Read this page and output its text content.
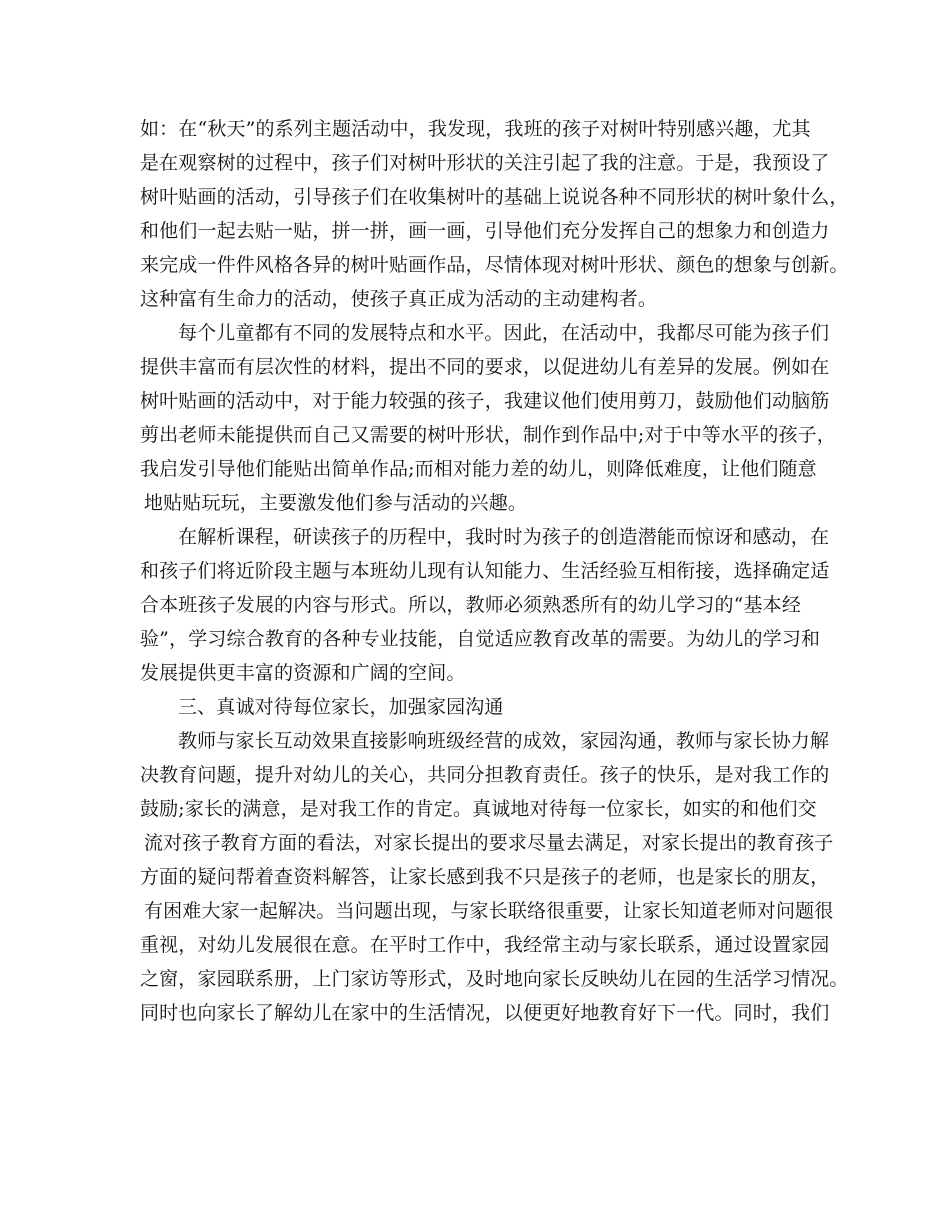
如：在“秋天”的系列主题活动中，我发现，我班的孩子对树叶特别感兴趣，尤其
是在观察树的过程中，孩子们对树叶形状的关注引起了我的注意。于是，我预设了
树叶贴画的活动，引导孩子们在收集树叶的基础上说说各种不同形状的树叶象什么，
和他们一起去贴一贴，拼一拼，画一画，引导他们充分发挥自己的想象力和创造力
来完成一件件风格各异的树叶贴画作品，尽情体现对树叶形状、颜色的想象与创新。
这种富有生命力的活动，使孩子真正成为活动的主动建构者。
每个儿童都有不同的发展特点和水平。因此，在活动中，我都尽可能为孩子们
提供丰富而有层次性的材料，提出不同的要求，以促进幼儿有差异的发展。例如在
树叶贴画的活动中，对于能力较强的孩子，我建议他们使用剪刀，鼓励他们动脑筋
剪出老师未能提供而自己又需要的树叶形状，制作到作品中;对于中等水平的孩子，
我启发引导他们能贴出简单作品;而相对能力差的幼儿，则降低难度，让他们随意
地贴贴玩玩，主要激发他们参与活动的兴趣。
在解析课程，研读孩子的历程中，我时时为孩子的创造潜能而惊讶和感动，在
和孩子们将近阶段主题与本班幼儿现有认知能力、生活经验互相衔接，选择确定适
合本班孩子发展的内容与形式。所以，教师必须熟悉所有的幼儿学习的“基本经
验”，学习综合教育的各种专业技能，自觉适应教育改革的需要。为幼儿的学习和
发展提供更丰富的资源和广阔的空间。
三、真诚对待每位家长，加强家园沟通
教师与家长互动效果直接影响班级经营的成效，家园沟通，教师与家长协力解
决教育问题，提升对幼儿的关心，共同分担教育责任。孩子的快乐，是对我工作的
鼓励;家长的满意，是对我工作的肯定。真诚地对待每一位家长，如实的和他们交
流对孩子教育方面的看法，对家长提出的要求尽量去满足，对家长提出的教育孩子
方面的疑问帮着查资料解答，让家长感到我不只是孩子的老师，也是家长的朋友，
有困难大家一起解决。当问题出现，与家长联络很重要，让家长知道老师对问题很
重视，对幼儿发展很在意。在平时工作中，我经常主动与家长联系，通过设置家园
之窗，家园联系册，上门家访等形式，及时地向家长反映幼儿在园的生活学习情况。
同时也向家长了解幼儿在家中的生活情况，以便更好地教育好下一代。同时，我们
